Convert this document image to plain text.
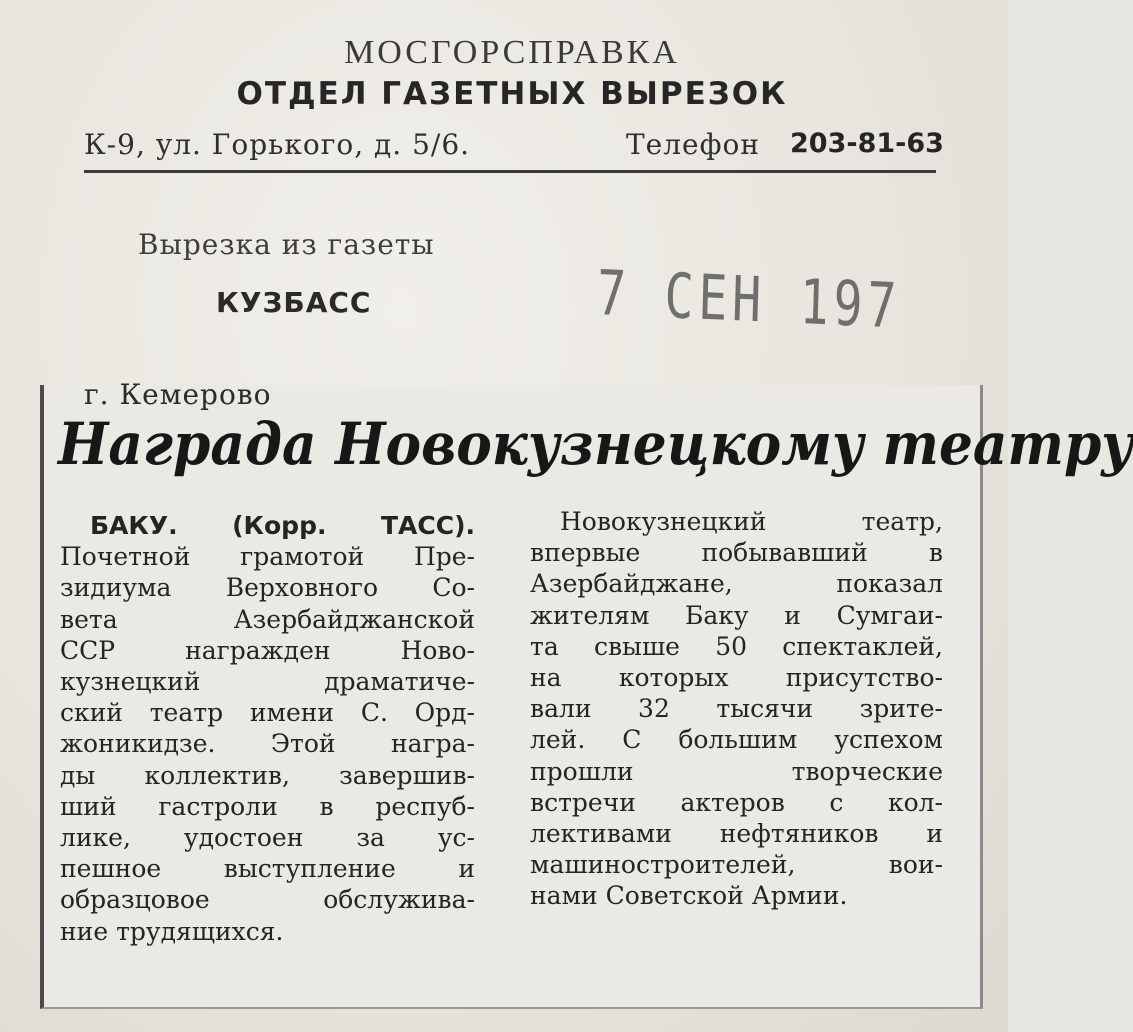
МОСГОРСПРАВКА
ОТДЕЛ ГАЗЕТНЫХ ВЫРЕЗОК
К-9, ул. Горького, д. 5/6.	Телефон 203-81-63
Вырезка из газеты
КУЗБАСС	7 СЕН 197
г. Кемерово
Награда Новокузнецкому театру
БАКУ. (Корр. ТАСС).
Почетной грамотой Пре-
зидиума Верховного Со-
вета Азербайджанской
ССР награжден Ново-
кузнецкий драматиче-
ский театр имени С. Орд-
жоникидзе. Этой награ-
ды коллектив, завершив-
ший гастроли в респуб-
лике, удостоен за ус-
пешное выступление и
образцовое обслужива-
ние трудящихся.
Новокузнецкий театр,
впервые побывавший в
Азербайджане, показал
жителям Баку и Сумгаи-
та свыше 50 спектаклей,
на которых присутство-
вали 32 тысячи зрите-
лей. С большим успехом
прошли творческие
встречи актеров с кол-
лективами нефтяников и
машиностроителей, вои-
нами Советской Армии.
